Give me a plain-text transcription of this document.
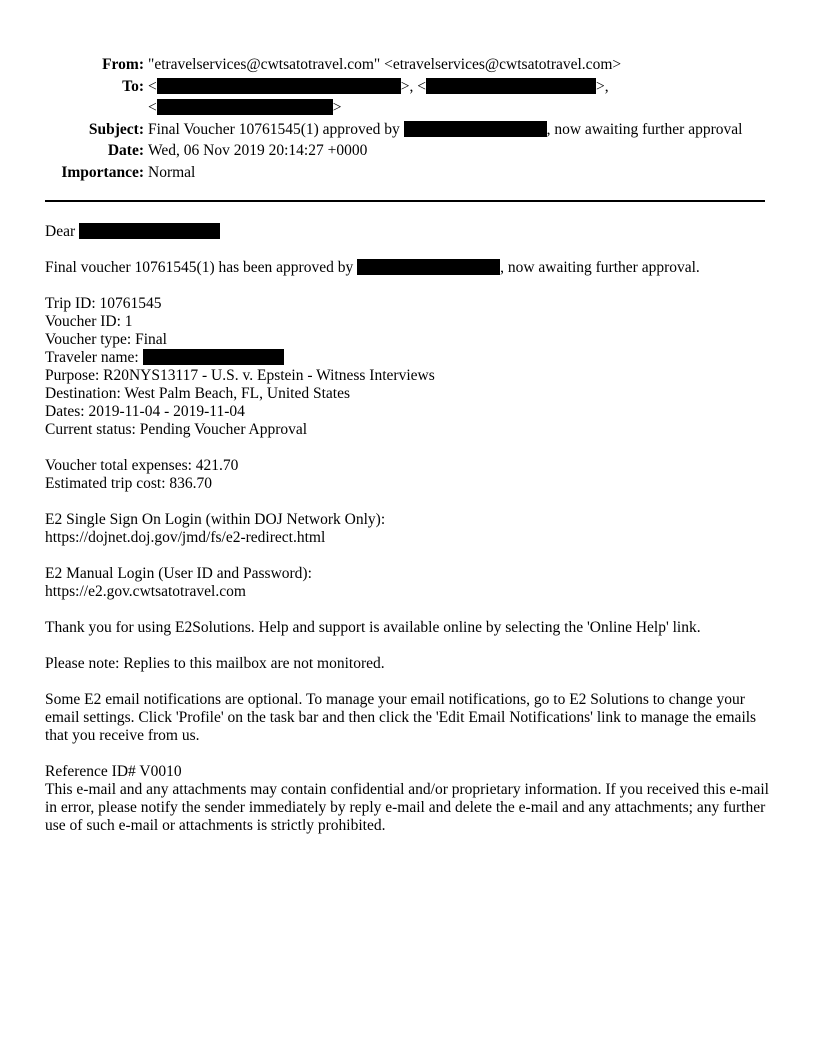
From: "etravelservices@cwtsatotravel.com" <etravelservices@cwtsatotravel.com>
To: <	>, <	>,
<	>
Subject: Final Voucher 10761545(1) approved by	, now awaiting further approval
Date: Wed, 06 Nov 2019 20:14:27 +0000
Importance: Normal

Dear

Final voucher 10761545(1) has been approved by	, now awaiting further approval.

Trip ID: 10761545
Voucher ID: 1
Voucher type: Final
Traveler name:
Purpose: R20NYS13117 - U.S. v. Epstein - Witness Interviews
Destination: West Palm Beach, FL, United States
Dates: 2019-11-04 - 2019-11-04
Current status: Pending Voucher Approval

Voucher total expenses: 421.70
Estimated trip cost: 836.70

E2 Single Sign On Login (within DOJ Network Only):
https://dojnet.doj.gov/jmd/fs/e2-redirect.html

E2 Manual Login (User ID and Password):
https://e2.gov.cwtsatotravel.com

Thank you for using E2Solutions. Help and support is available online by selecting the 'Online Help' link.

Please note: Replies to this mailbox are not monitored.

Some E2 email notifications are optional. To manage your email notifications, go to E2 Solutions to change your email settings. Click 'Profile' on the task bar and then click the 'Edit Email Notifications' link to manage the emails that you receive from us.

Reference ID# V0010
This e-mail and any attachments may contain confidential and/or proprietary information. If you received this e-mail in error, please notify the sender immediately by reply e-mail and delete the e-mail and any attachments; any further use of such e-mail or attachments is strictly prohibited.
